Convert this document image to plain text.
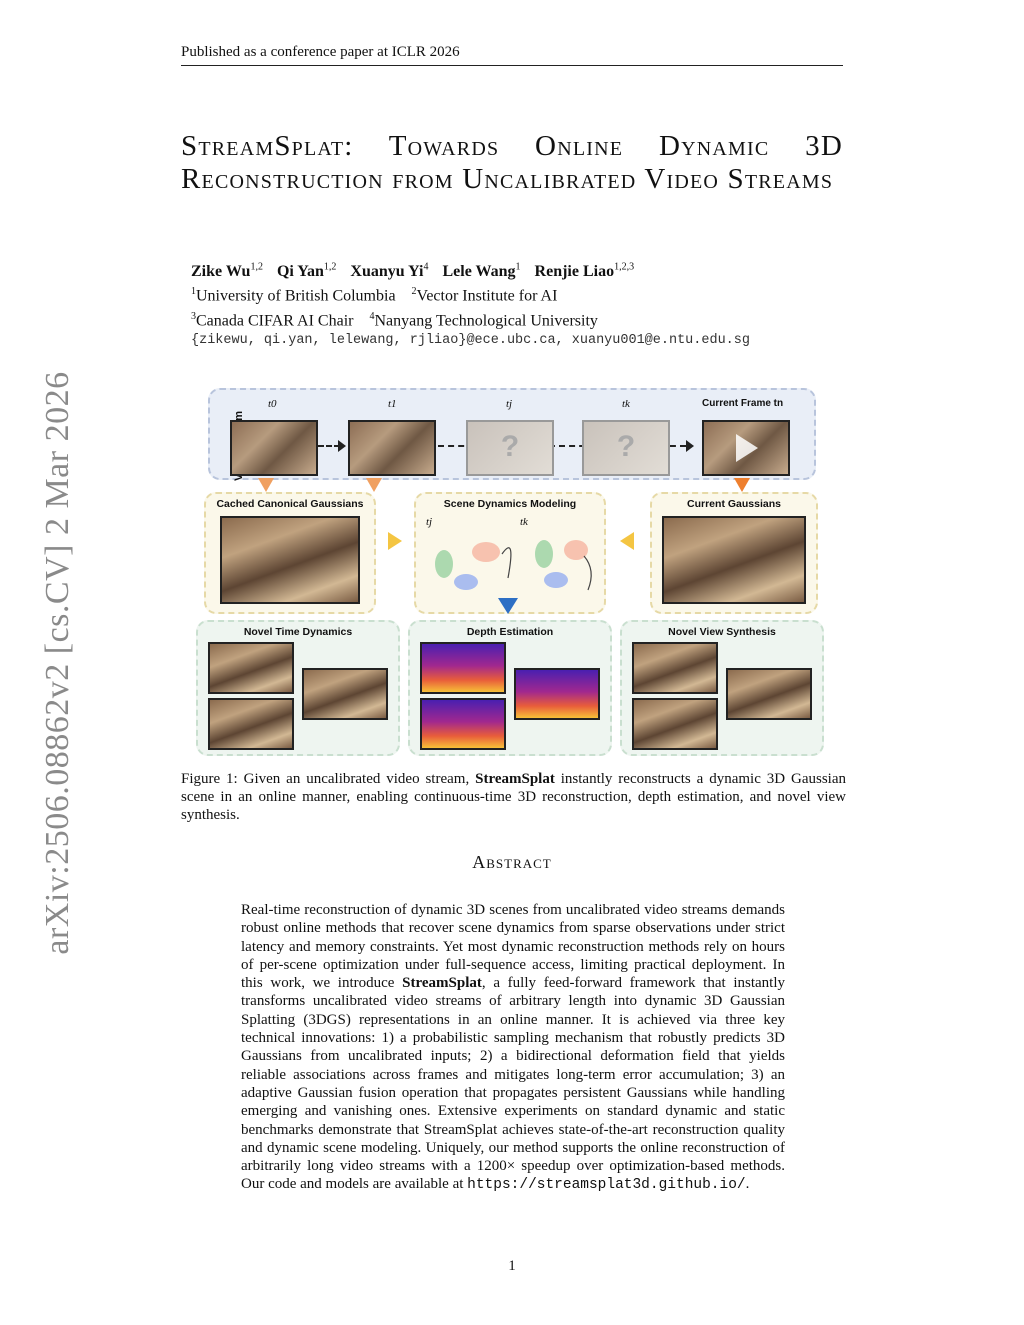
Published as a conference paper at ICLR 2026
arXiv:2506.08862v2 [cs.CV] 2 Mar 2026
StreamSplat: Towards Online Dynamic 3D Reconstruction from Uncalibrated Video Streams
Zike Wu$^{1,2}$ Qi Yan$^{1,2}$ Xuanyu Yi$^4$ Lele Wang$^1$ Renjie Liao$^{1,2,3}$
$^1$University of British Columbia $^2$Vector Institute for AI
$^3$Canada CIFAR AI Chair $^4$Nanyang Technological University
{zikewu, qi.yan, lelewang, rjliao}@ece.ubc.ca, xuanyu001@e.ntu.edu.sg
t0	t1	tj
?
tk
?
Current Frame tn
Cached Canonical Gaussians	Scene Dynamics Modeling
tj	tk
Current Gaussians
Novel Time Dynamics	Depth Estimation	Novel View Synthesis
Figure 1: Given an uncalibrated video stream, StreamSplat instantly reconstructs a dynamic 3D Gaussian scene in an online manner, enabling continuous-time 3D reconstruction, depth estimation, and novel view synthesis.
Abstract
Real-time reconstruction of dynamic 3D scenes from uncalibrated video streams demands robust online methods that recover scene dynamics from sparse observations under strict latency and memory constraints. Yet most dynamic reconstruction methods rely on hours of per-scene optimization under full-sequence access, limiting practical deployment. In this work, we introduce StreamSplat, a fully feed-forward framework that instantly transforms uncalibrated video streams of arbitrary length into dynamic 3D Gaussian Splatting (3DGS) representations in an online manner. It is achieved via three key technical innovations: 1) a probabilistic sampling mechanism that robustly predicts 3D Gaussians from uncalibrated inputs; 2) a bidirectional deformation field that yields reliable associations across frames and mitigates long-term error accumulation; 3) an adaptive Gaussian fusion operation that propagates persistent Gaussians while handling emerging and vanishing ones. Extensive experiments on standard dynamic and static benchmarks demonstrate that StreamSplat achieves state-of-the-art reconstruction quality and dynamic scene modeling. Uniquely, our method supports the online reconstruction of arbitrarily long video streams with a 1200× speedup over optimization-based methods. Our code and models are available at https://streamsplat3d.github.io/.
1
